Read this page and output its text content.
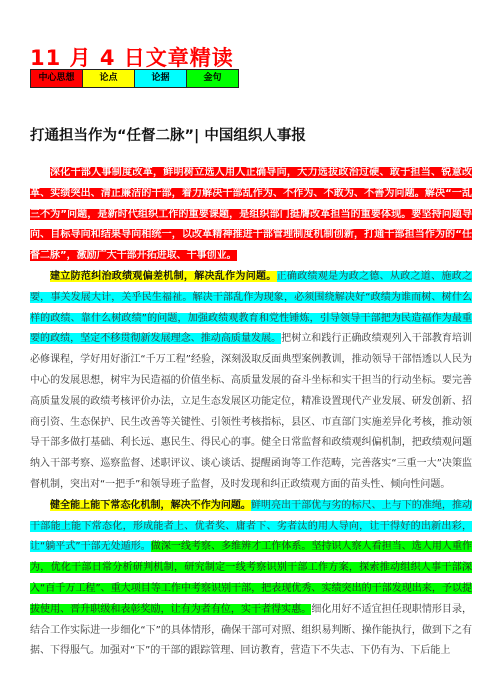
11 月 4 日文章精读
中心思想	论点	论据	金句
打通担当作为“任督二脉”| 中国组织人事报

深化干部人事制度改革，鲜明树立选人用人正确导向，大力选拔政治过硬、敢于担当、锐意改革、实绩突出、清正廉洁的干部，着力解决干部乱作为、不作为、不敢为、不善为问题。解决“一乱三不为”问题，是新时代组织工作的重要课题，是组织部门挺膺改革担当的重要体现。要坚持问题导向、目标导向和结果导向相统一，以改革精神推进干部管理制度机制创新，打通干部担当作为的“任督二脉”，激励广大干部开拓进取、干事创业。

建立防范纠治政绩观偏差机制，解决乱作为问题。正确政绩观是为政之德、从政之道、施政之要，事关发展大计，关乎民生福祉。解决干部乱作为现象，必须围绕解决好“政绩为谁而树、树什么样的政绩、靠什么树政绩”的问题，加强政绩观教育和党性锤炼，引导领导干部把为民造福作为最重要的政绩，坚定不移贯彻新发展理念、推动高质量发展。把树立和践行正确政绩观列入干部教育培训必修课程，学好用好浙江“千万工程”经验，深刻汲取反面典型案例教训，推动领导干部悟透以人民为中心的发展思想，树牢为民造福的价值坐标、高质量发展的奋斗坐标和实干担当的行动坐标。要完善高质量发展的政绩考核评价办法，立足生态发展区功能定位，精准设置现代产业发展、研发创新、招商引资、生态保护、民生改善等关键性、引领性考核指标，县区、市直部门实施差异化考核，推动领导干部多做打基础、利长远、惠民生、得民心的事。健全日常监督和政绩观纠偏机制，把政绩观问题纳入干部考察、巡察监督、述职评议、谈心谈话、提醒函询等工作范畴，完善落实“三重一大”决策监督机制，突出对“一把手”和领导班子监督，及时发现和纠正政绩观方面的苗头性、倾向性问题。

健全能上能下常态化机制，解决不作为问题。鲜明亮出干部优与劣的标尺、上与下的准绳，推动干部能上能下常态化，形成能者上、优者奖、庸者下、劣者汰的用人导向，让干得好的出新出彩，让“躺平式”干部无处遁形。做深一线考察、多维辨才工作体系。坚持识人察人看担当、选人用人重作为，优化干部日常分析研判机制，研究制定一线考察识别干部工作方案，探索推动组织人事干部深入“百千万工程”、重大项目等工作中考察识别干部，把表现优秀、实绩突出的干部发现出来，予以提拔使用、晋升职级和表彰奖励，让有为者有位，实干者得实惠。细化用好不适宜担任现职情形目录，结合工作实际进一步细化“下”的具体情形，确保干部可对照、组织易判断、操作能执行，做到下之有据、下得服气。加强对“下”的干部的跟踪管理、回访教育，营造下不失志、下仍有为、下后能上
